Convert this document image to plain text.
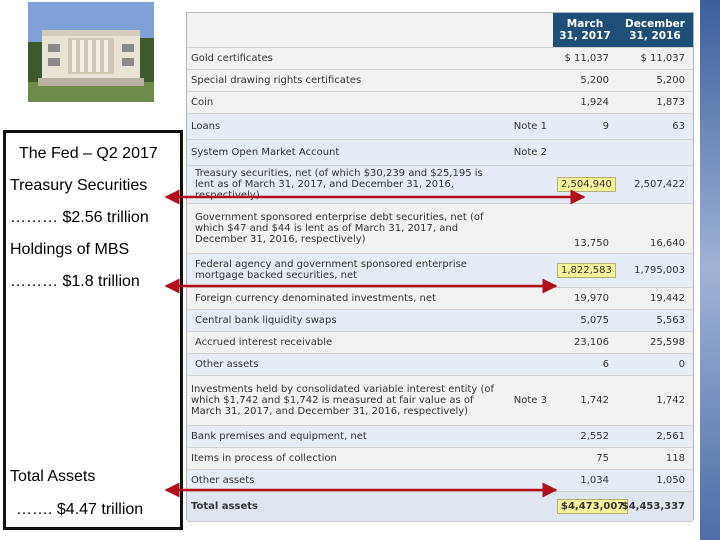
The Fed – Q2 2017
Treasury Securities
……… $2.56 trillion
Holdings of MBS
……… $1.8 trillion
Total Assets
……. $4.47 trillion
		March 31, 2017	December 31, 2016
Gold certificates		$ 11,037	$ 11,037
Special drawing rights certificates		5,200	5,200
Coin		1,924	1,873
Loans	Note 1	9	63
System Open Market Account	Note 2		
Treasury securities, net (of which $30,239 and $25,195 is lent as of March 31, 2017, and December 31, 2016, respectively)		2,504,940	2,507,422
Government sponsored enterprise debt securities, net (of which $47 and $44 is lent as of March 31, 2017, and December 31, 2016, respectively)		13,750	16,640
Federal agency and government sponsored enterprise mortgage backed securities, net		1,822,583	1,795,003
Foreign currency denominated investments, net		19,970	19,442
Central bank liquidity swaps		5,075	5,563
Accrued interest receivable		23,106	25,598
Other assets		6	0
Investments held by consolidated variable interest entity (of which $1,742 and $1,742 is measured at fair value as of March 31, 2017, and December 31, 2016, respectively)	Note 3	1,742	1,742
Bank premises and equipment, net		2,552	2,561
Items in process of collection		75	118
Other assets		1,034	1,050
Total assets		$4,473,007	$4,453,337
